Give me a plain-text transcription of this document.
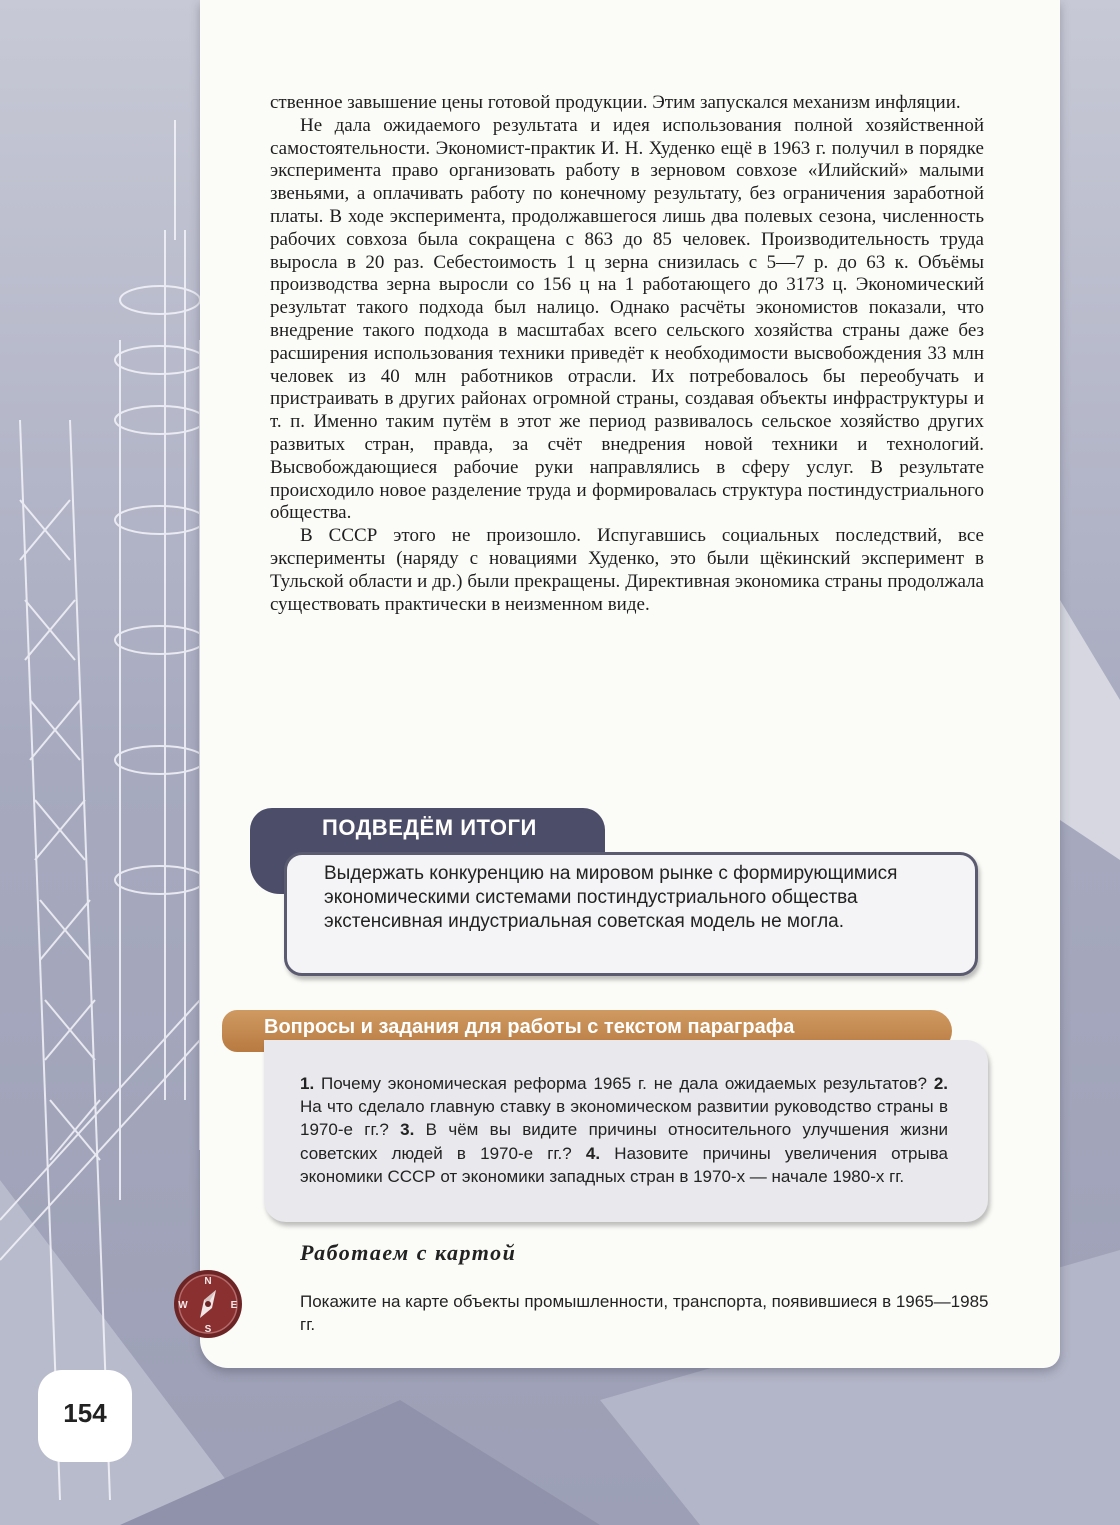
ственное завышение цены готовой продукции. Этим запускался механизм инфляции.

Не дала ожидаемого результата и идея использования полной хозяйственной самостоятельности. Экономист-практик И. Н. Худенко ещё в 1963 г. получил в порядке эксперимента право организовать работу в зерновом совхозе «Илийский» малыми звеньями, а оплачивать работу по конечному результату, без ограничения заработной платы. В ходе эксперимента, продолжавшегося лишь два полевых сезона, численность рабочих совхоза была сокращена с 863 до 85 человек. Производительность труда выросла в 20 раз. Себестоимость 1 ц зерна снизилась с 5—7 р. до 63 к. Объёмы производства зерна выросли со 156 ц на 1 работающего до 3173 ц. Экономический результат такого подхода был налицо. Однако расчёты экономистов показали, что внедрение такого подхода в масштабах всего сельского хозяйства страны даже без расширения использования техники приведёт к необходимости высвобождения 33 млн человек из 40 млн работников отрасли. Их потребовалось бы переобучать и пристраивать в других районах огромной страны, создавая объекты инфраструктуры и т. п. Именно таким путём в этот же период развивалось сельское хозяйство других развитых стран, правда, за счёт внедрения новой техники и технологий. Высвобождающиеся рабочие руки направлялись в сферу услуг. В результате происходило новое разделение труда и формировалась структура постиндустриального общества.

В СССР этого не произошло. Испугавшись социальных последствий, все эксперименты (наряду с новациями Худенко, это были щёкинский эксперимент в Тульской области и др.) были прекращены. Директивная экономика страны продолжала существовать практически в неизменном виде.

ПОДВЕДЁМ ИТОГИ

Выдержать конкуренцию на мировом рынке с формирующимися экономическими системами постиндустриального общества экстенсивная индустриальная советская модель не могла.

Вопросы и задания для работы с текстом параграфа

1. Почему экономическая реформа 1965 г. не дала ожидаемых результатов? 2. На что сделало главную ставку в экономическом развитии руководство страны в 1970-е гг.? 3. В чём вы видите причины относительного улучшения жизни советских людей в 1970-е гг.? 4. Назовите причины увеличения отрыва экономики СССР от экономики западных стран в 1970-х — начале 1980-х гг.

Работаем с картой
N
S
E
W	Покажите на карте объекты промышленности, транспорта, появившиеся в 1965—1985 гг.

154
